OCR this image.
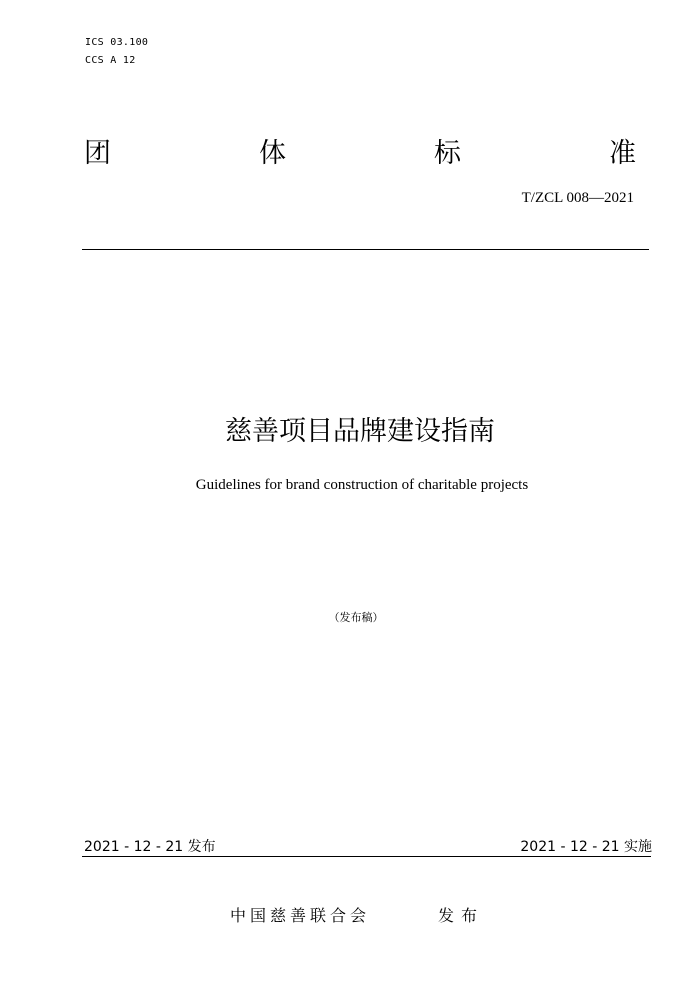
ICS 03.100
CCS A 12
团	体	标	准
T/ZCL 008—2021
慈善项目品牌建设指南
Guidelines for brand construction of charitable projects
（发布稿）
2021 - 12 - 21 发布	2021 - 12 - 21 实施
中国慈善联合会	发布
